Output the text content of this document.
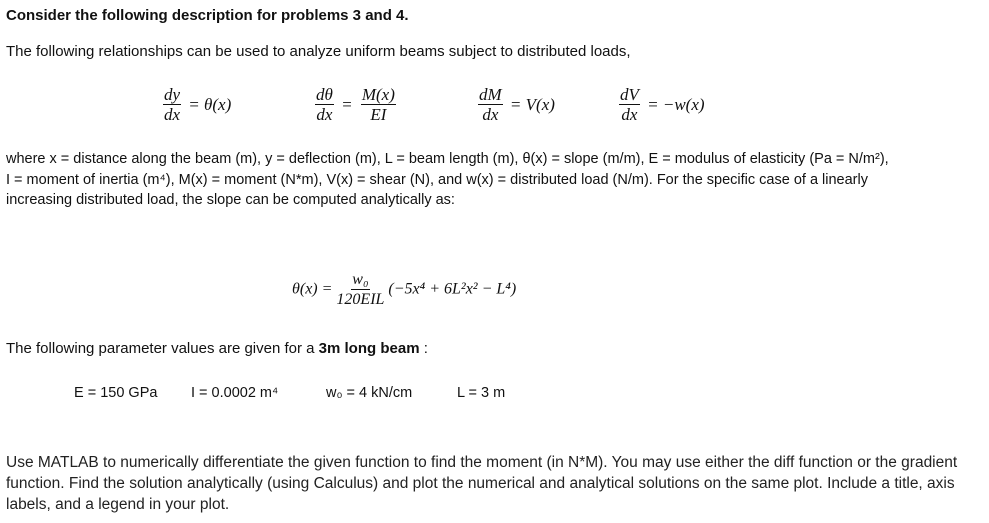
Consider the following description for problems 3 and 4.
The following relationships can be used to analyze uniform beams subject to distributed loads,
$\frac{dy}{dx} = \theta(x)$	$\frac{d\theta}{dx} = \frac{M(x)}{EI}$	$\frac{dM}{dx} = V(x)$	$\frac{dV}{dx} = -w(x)$
where x = distance along the beam (m), y = deflection (m), L = beam length (m), θ(x) = slope (m/m), E = modulus of elasticity (Pa = N/m²), I = moment of inertia (m⁴), M(x) = moment (N*m), V(x) = shear (N), and w(x) = distributed load (N/m). For the specific case of a linearly increasing distributed load, the slope can be computed analytically as:
$\theta(x) = \frac{\text{w₀}}{\text{120EIL}} (-5x^4 + 6L^2x^2 - L^4)$
The following parameter values are given for a 3m long beam :
E = 150 GPa I = 0.0002 m⁴	w₀ = 4 kN/cm	L = 3 m
Use MATLAB to numerically differentiate the given function to find the moment (in N*M). You may use either the diff function or the gradient function. Find the solution analytically (using Calculus) and plot the numerical and analytical solutions on the same plot. Include a title, axis labels, and a legend in your plot.
